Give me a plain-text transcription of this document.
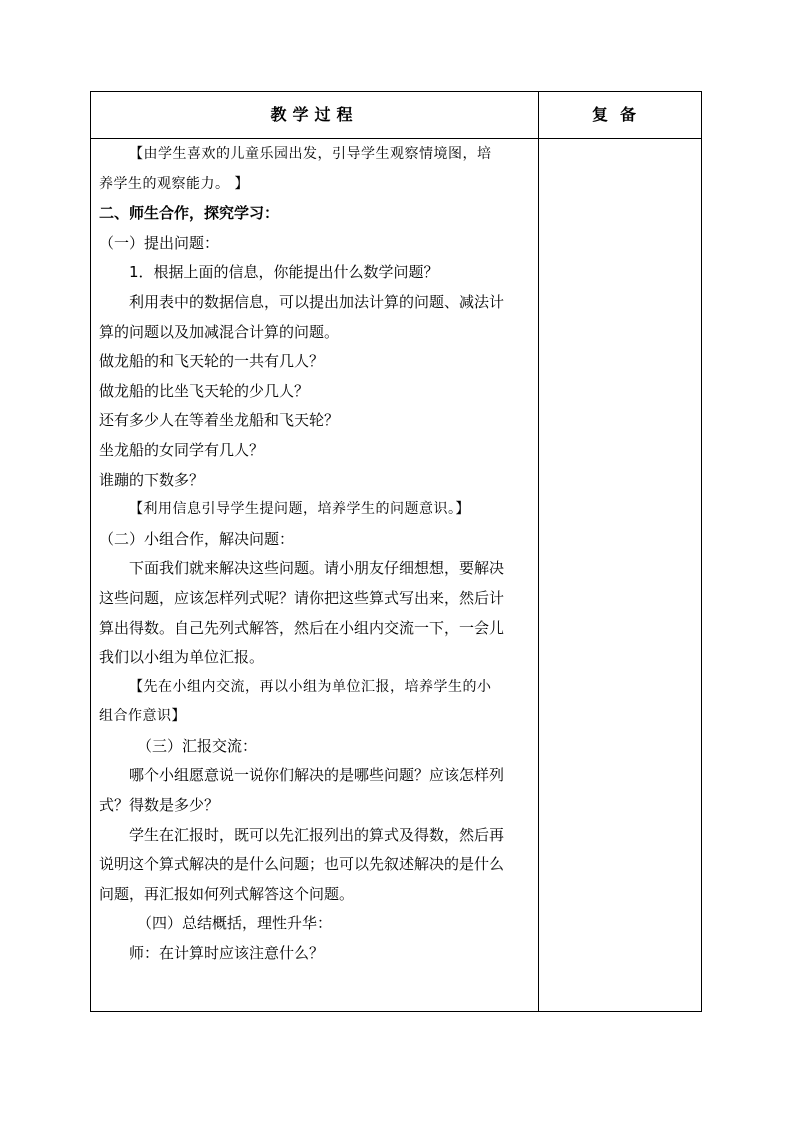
教学过程	复备
【由学生喜欢的儿童乐园出发，引导学生观察情境图，培
养学生的观察能力。 】
二、师生合作，探究学习：
（一）提出问题：
1．根据上面的信息，你能提出什么数学问题？
利用表中的数据信息，可以提出加法计算的问题、减法计
算的问题以及加减混合计算的问题。
做龙船的和飞天轮的一共有几人？
做龙船的比坐飞天轮的少几人？
还有多少人在等着坐龙船和飞天轮？
坐龙船的女同学有几人？
谁蹦的下数多？
【利用信息引导学生提问题，培养学生的问题意识。】
（二）小组合作，解决问题：
下面我们就来解决这些问题。请小朋友仔细想想，要解决
这些问题，应该怎样列式呢？请你把这些算式写出来，然后计
算出得数。自己先列式解答，然后在小组内交流一下，一会儿
我们以小组为单位汇报。
【先在小组内交流，再以小组为单位汇报，培养学生的小
组合作意识】
（三）汇报交流：
哪个小组愿意说一说你们解决的是哪些问题？应该怎样列
式？得数是多少？
学生在汇报时，既可以先汇报列出的算式及得数，然后再
说明这个算式解决的是什么问题；也可以先叙述解决的是什么
问题，再汇报如何列式解答这个问题。
（四）总结概括，理性升华：
师：在计算时应该注意什么？
